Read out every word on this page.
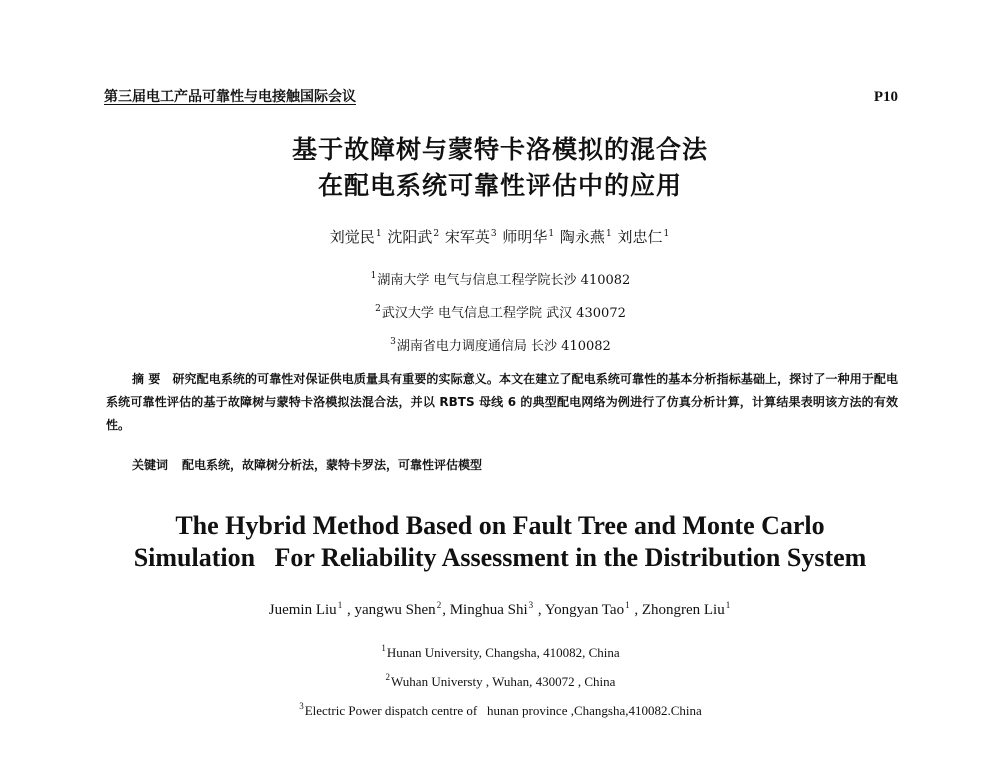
第三届电工产品可靠性与电接触国际会议	P10
基于故障树与蒙特卡洛模拟的混合法
在配电系统可靠性评估中的应用
刘觉民$^1$ 沈阳武$^2$ 宋军英$^3$ 师明华$^1$ 陶永燕$^1$ 刘忠仁$^1$
$^1$湖南大学 电气与信息工程学院长沙 410082
$^2$武汉大学 电气信息工程学院 武汉 430072
$^3$湖南省电力调度通信局 长沙 410082
摘 要 研究配电系统的可靠性对保证供电质量具有重要的实际意义。本文在建立了配电系统可靠性的基本分析指标基础上，探讨了一种用于配电系统可靠性评估的基于故障树与蒙特卡洛模拟法混合法，并以 RBTS 母线 6 的典型配电网络为例进行了仿真分析计算，计算结果表明该方法的有效性。
关键词 配电系统，故障树分析法，蒙特卡罗法，可靠性评估模型
The Hybrid Method Based on Fault Tree and Monte Carlo
Simulation   For Reliability Assessment in the Distribution System
Juemin Liu$^1$ , yangwu Shen$^2$, Minghua Shi$^3$ , Yongyan Tao$^1$ , Zhongren Liu$^1$
$^1$Hunan University, Changsha, 410082, China
$^2$Wuhan Universty , Wuhan, 430072 , China
$^3$Electric Power dispatch centre of   hunan province ,Changsha,410082.China
